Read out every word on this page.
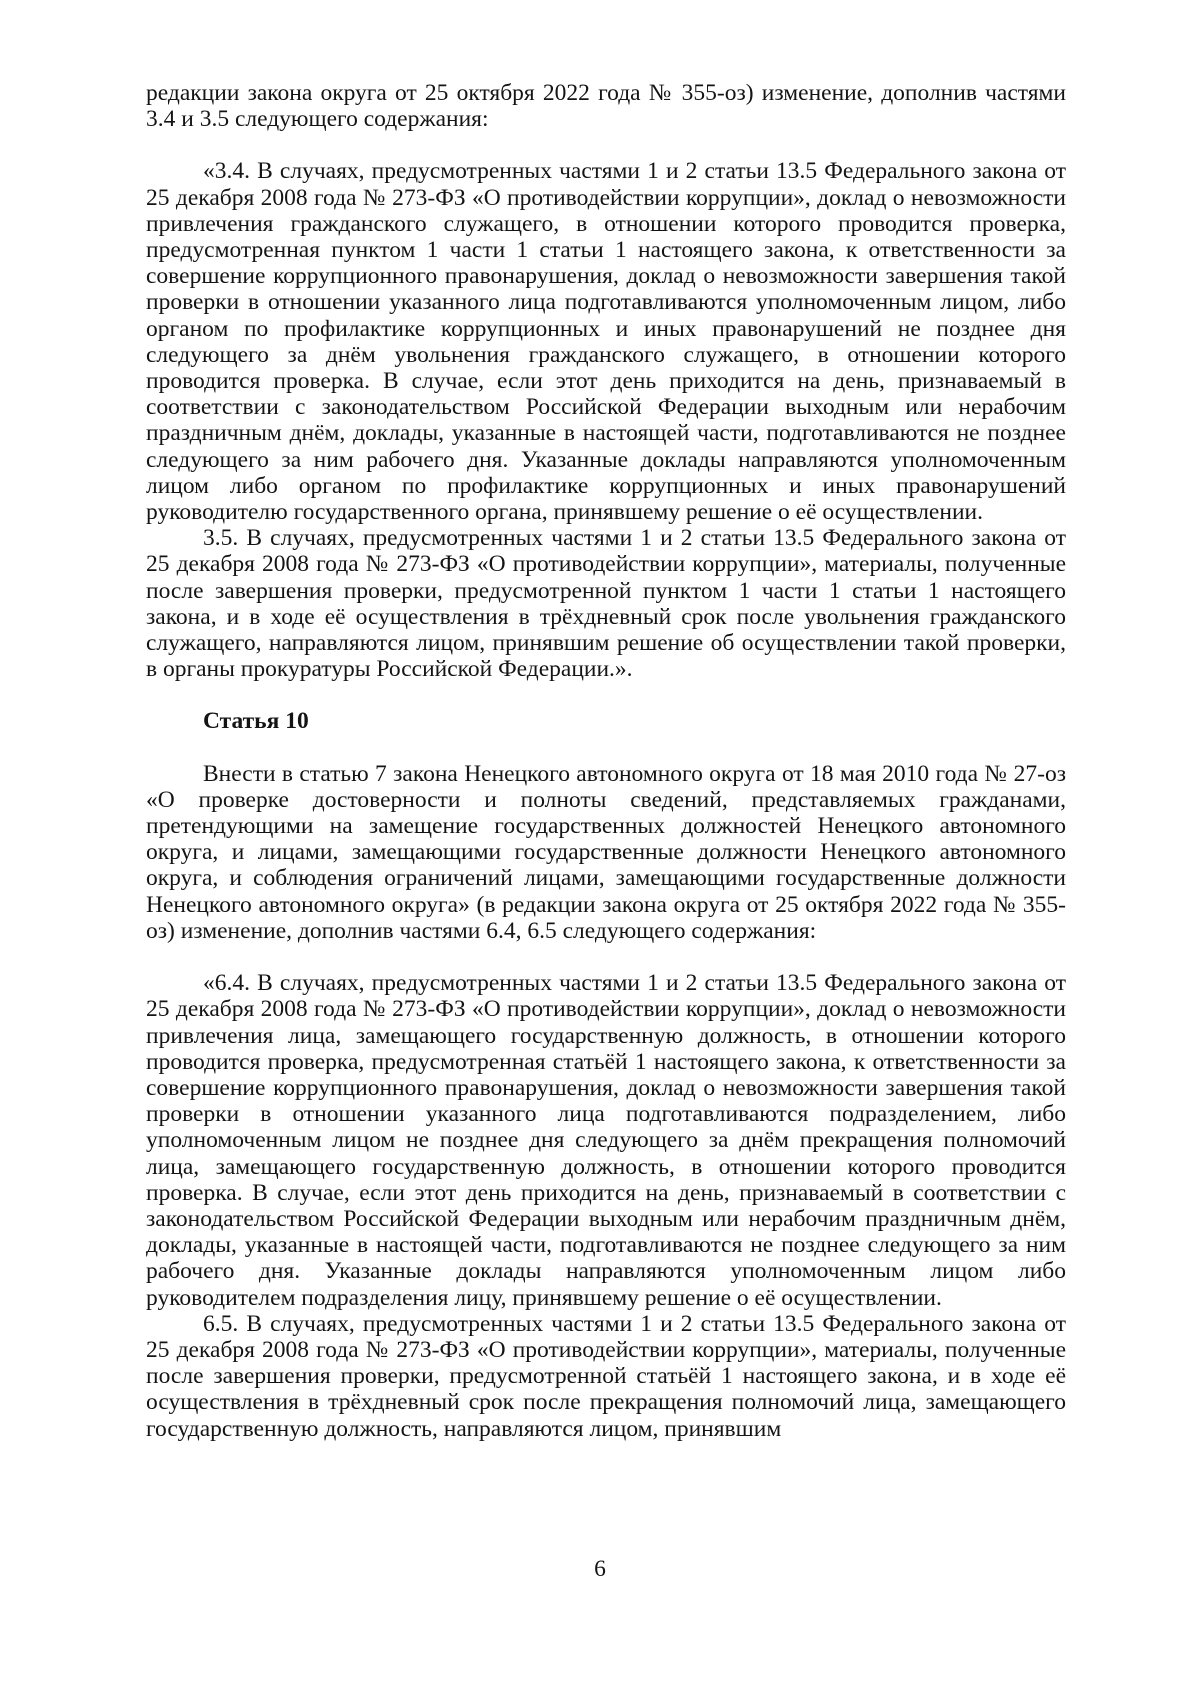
редакции закона округа от 25 октября 2022 года № 355-оз) изменение, дополнив частями 3.4 и 3.5 следующего содержания:

«3.4. В случаях, предусмотренных частями 1 и 2 статьи 13.5 Федерального закона от 25 декабря 2008 года № 273-ФЗ «О противодействии коррупции», доклад о невозможности привлечения гражданского служащего, в отношении которого проводится проверка, предусмотренная пунктом 1 части 1 статьи 1 настоящего закона, к ответственности за совершение коррупционного правонарушения, доклад о невозможности завершения такой проверки в отношении указанного лица подготавливаются уполномоченным лицом, либо органом по профилактике коррупционных и иных правонарушений не позднее дня следующего за днём увольнения гражданского служащего, в отношении которого проводится проверка. В случае, если этот день приходится на день, признаваемый в соответствии с законодательством Российской Федерации выходным или нерабочим праздничным днём, доклады, указанные в настоящей части, подготавливаются не позднее следующего за ним рабочего дня. Указанные доклады направляются уполномоченным лицом либо органом по профилактике коррупционных и иных правонарушений руководителю государственного органа, принявшему решение о её осуществлении.

3.5. В случаях, предусмотренных частями 1 и 2 статьи 13.5 Федерального закона от 25 декабря 2008 года № 273-ФЗ «О противодействии коррупции», материалы, полученные после завершения проверки, предусмотренной пунктом 1 части 1 статьи 1 настоящего закона, и в ходе её осуществления в трёхдневный срок после увольнения гражданского служащего, направляются лицом, принявшим решение об осуществлении такой проверки, в органы прокуратуры Российской Федерации.».

Статья 10

Внести в статью 7 закона Ненецкого автономного округа от 18 мая 2010 года № 27-оз «О проверке достоверности и полноты сведений, представляемых гражданами, претендующими на замещение государственных должностей Ненецкого автономного округа, и лицами, замещающими государственные должности Ненецкого автономного округа, и соблюдения ограничений лицами, замещающими государственные должности Ненецкого автономного округа» (в редакции закона округа от 25 октября 2022 года № 355-оз) изменение, дополнив частями 6.4, 6.5 следующего содержания:

«6.4. В случаях, предусмотренных частями 1 и 2 статьи 13.5 Федерального закона от 25 декабря 2008 года № 273-ФЗ «О противодействии коррупции», доклад о невозможности привлечения лица, замещающего государственную должность, в отношении которого проводится проверка, предусмотренная статьёй 1 настоящего закона, к ответственности за совершение коррупционного правонарушения, доклад о невозможности завершения такой проверки в отношении указанного лица подготавливаются подразделением, либо уполномоченным лицом не позднее дня следующего за днём прекращения полномочий лица, замещающего государственную должность, в отношении которого проводится проверка. В случае, если этот день приходится на день, признаваемый в соответствии с законодательством Российской Федерации выходным или нерабочим праздничным днём, доклады, указанные в настоящей части, подготавливаются не позднее следующего за ним рабочего дня. Указанные доклады направляются уполномоченным лицом либо руководителем подразделения лицу, принявшему решение о её осуществлении.

6.5. В случаях, предусмотренных частями 1 и 2 статьи 13.5 Федерального закона от 25 декабря 2008 года № 273-ФЗ «О противодействии коррупции», материалы, полученные после завершения проверки, предусмотренной статьёй 1 настоящего закона, и в ходе её осуществления в трёхдневный срок после прекращения полномочий лица, замещающего государственную должность, направляются лицом, принявшим

6
